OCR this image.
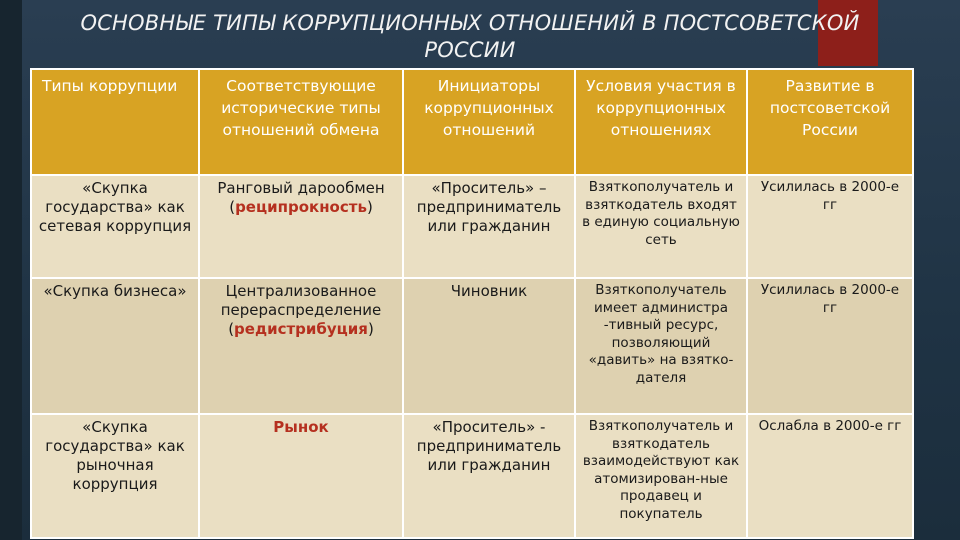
ОСНОВНЫЕ ТИПЫ КОРРУПЦИОННЫХ ОТНОШЕНИЙ В ПОСТСОВЕТСКОЙ РОССИИ
Типы коррупции	Соответствующие исторические типы отношений обмена	Инициаторы коррупционных отношений	Условия участия в коррупционных отношениях	Развитие в постсоветской России
«Скупка государства» как сетевая коррупция	Ранговый дарообмен (реципрокность)	«Проситель» – предприниматель или гражданин	Взяткополучатель и взяткодатель входят в единую социальную сеть	Усилилась в 2000-е гг
«Скупка бизнеса»	Централизованное перераспределение (редистрибуция)	Чиновник	Взяткополучатель имеет администра -тивный ресурс, позволяющий «давить» на взятко-дателя	Усилилась в 2000-е гг
«Скупка государства» как рыночная коррупция	Рынок	«Проситель» - предприниматель или гражданин	Взяткополучатель и взяткодатель взаимодействуют как атомизирован-ные продавец и покупатель	Ослабла в 2000-е гг
